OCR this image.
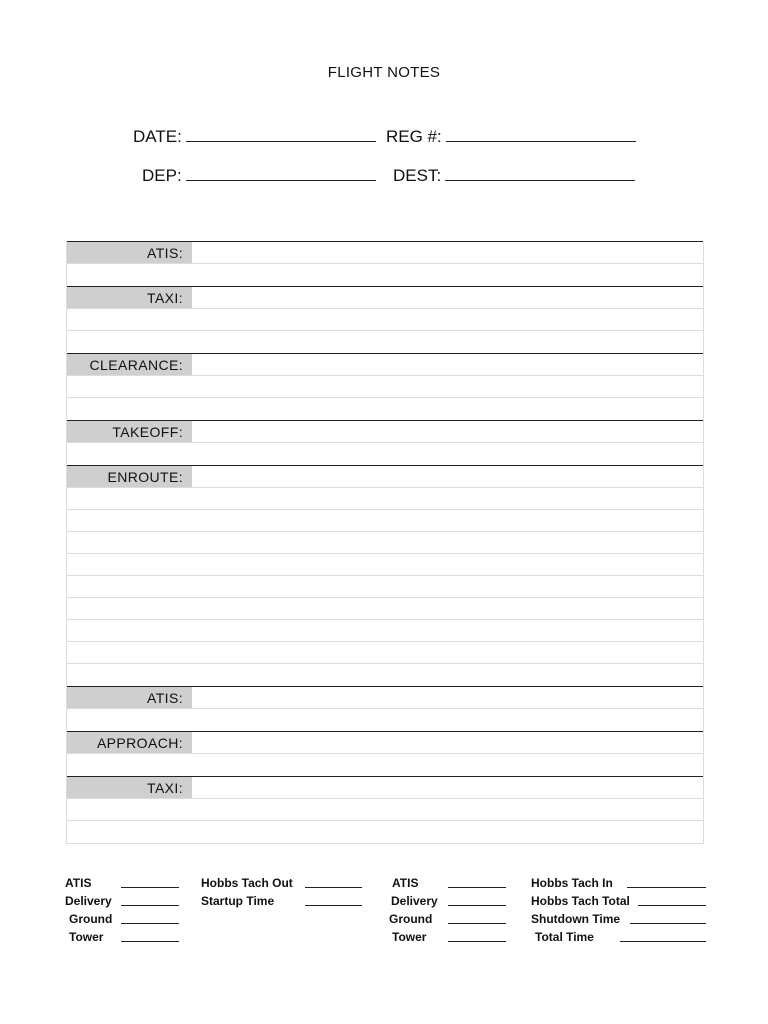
FLIGHT NOTES
DATE:	REG #:
DEP:	DEST:
ATIS:
TAXI:
CLEARANCE:
TAKEOFF:
ENROUTE:
ATIS:
APPROACH:
TAXI:
ATIS
Delivery
Ground
Tower
Hobbs Tach Out
Startup Time
ATIS
Delivery
Ground
Tower
Hobbs Tach In
Hobbs Tach Total
Shutdown Time
Total Time
